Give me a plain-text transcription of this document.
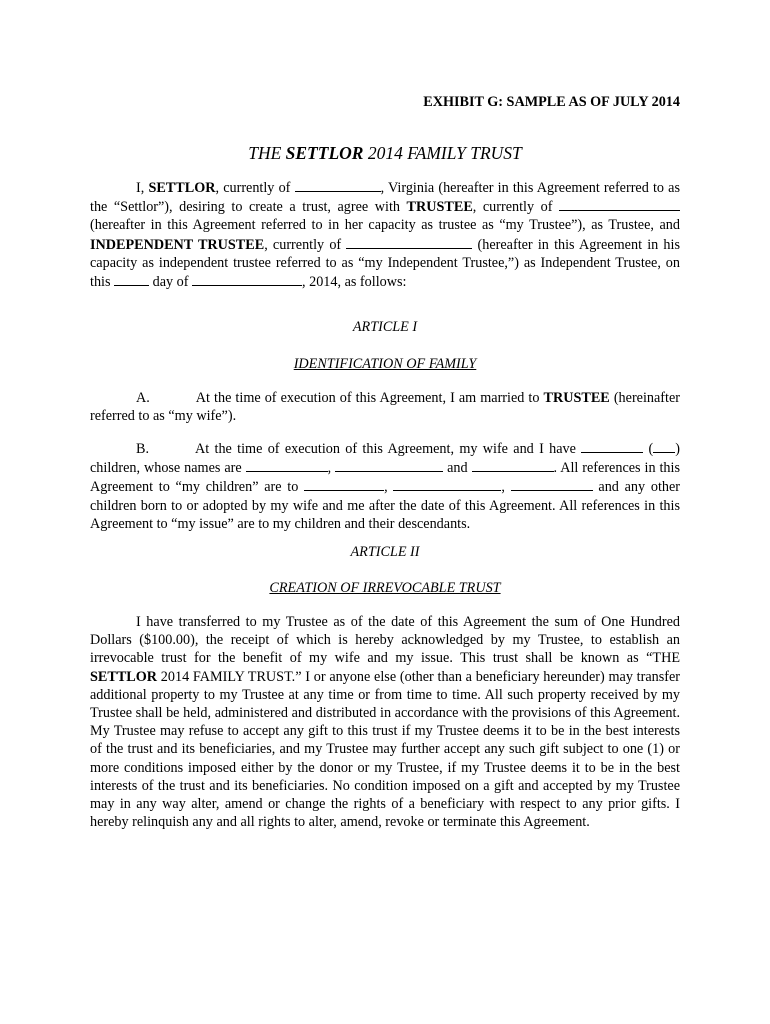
EXHIBIT G: SAMPLE AS OF JULY 2014
THE SETTLOR 2014 FAMILY TRUST

I, SETTLOR, currently of	, Virginia (hereafter in this Agreement referred to as the “Settlor”), desiring to create a trust, agree with TRUSTEE, currently of  (hereafter in this Agreement referred to in her capacity as trustee as “my Trustee”), as Trustee, and INDEPENDENT TRUSTEE, currently of	(hereafter in this Agreement in his capacity as independent trustee referred to as “my Independent Trustee,”) as Independent Trustee, on this  day of	, 2014, as follows:

ARTICLE I

IDENTIFICATION OF FAMILY

A.	At the time of execution of this Agreement, I am married to TRUSTEE (hereinafter referred to as “my wife”).

B.	At the time of execution of this Agreement, my wife and I have	( ) children, whose names are	,	and	. All references in this Agreement to “my children” are to	,	,	and any other children born to or adopted by my wife and me after the date of this Agreement. All references in this Agreement to “my issue” are to my children and their descendants.

ARTICLE II

CREATION OF IRREVOCABLE TRUST

I have transferred to my Trustee as of the date of this Agreement the sum of One Hundred Dollars ($100.00), the receipt of which is hereby acknowledged by my Trustee, to establish an irrevocable trust for the benefit of my wife and my issue. This trust shall be known as “THE SETTLOR 2014 FAMILY TRUST.” I or anyone else (other than a beneficiary hereunder) may transfer additional property to my Trustee at any time or from time to time. All such property received by my Trustee shall be held, administered and distributed in accordance with the provisions of this Agreement. My Trustee may refuse to accept any gift to this trust if my Trustee deems it to be in the best interests of the trust and its beneficiaries, and my Trustee may further accept any such gift subject to one (1) or more conditions imposed either by the donor or my Trustee, if my Trustee deems it to be in the best interests of the trust and its beneficiaries. No condition imposed on a gift and accepted by my Trustee may in any way alter, amend or change the rights of a beneficiary with respect to any prior gifts. I hereby relinquish any and all rights to alter, amend, revoke or terminate this Agreement.
